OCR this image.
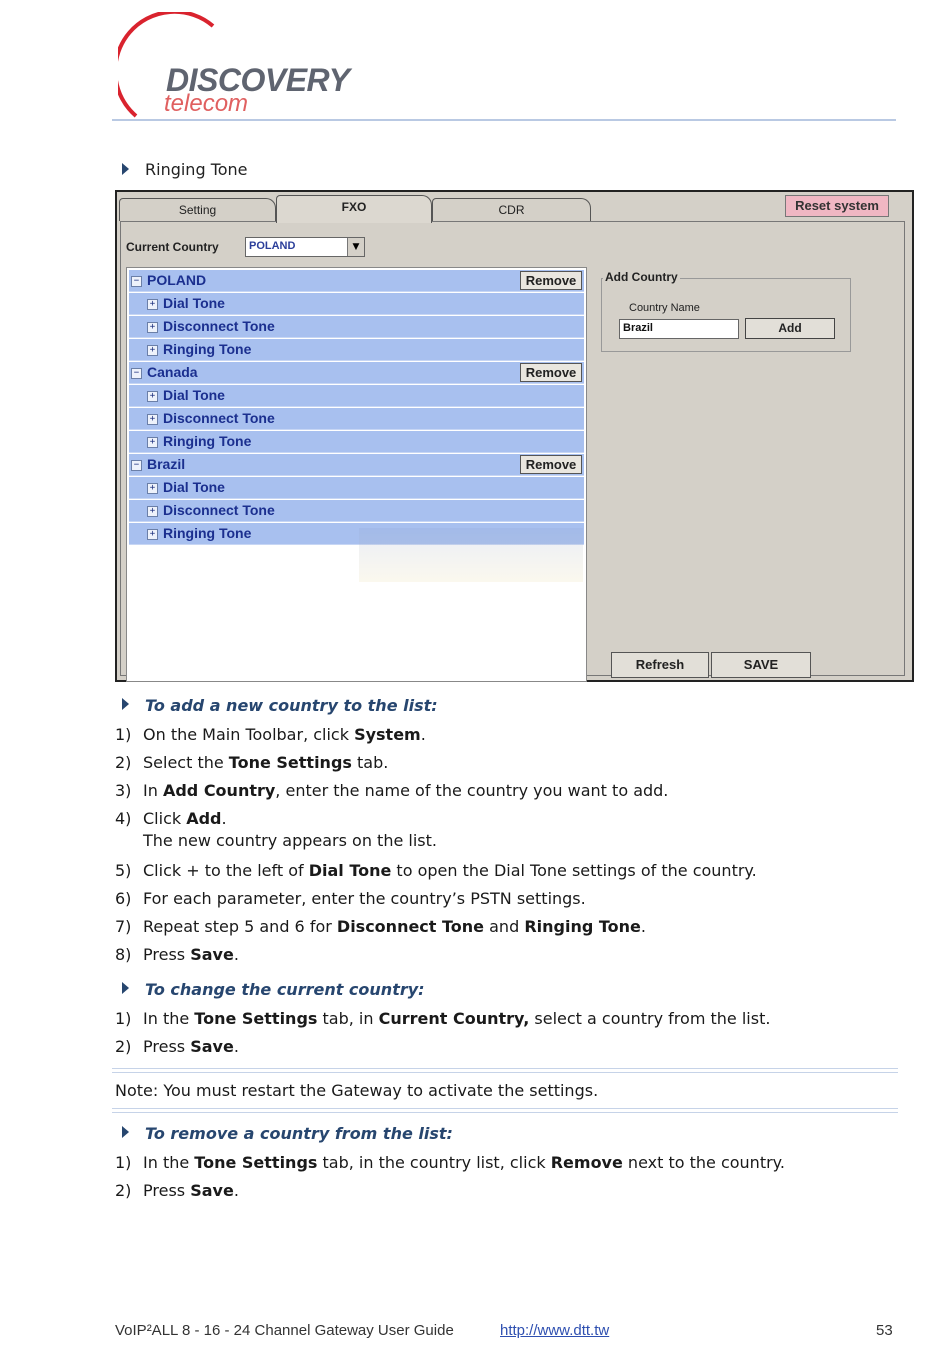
DISCOVERY
telecom
Ringing Tone
Setting	FXO	CDR	Reset system
Current Country	POLAND	▼
− POLAND	Remove
+ Dial Tone
+ Disconnect Tone
+ Ringing Tone
− Canada	Remove
+ Dial Tone
+ Disconnect Tone
+ Ringing Tone
− Brazil	Remove
+ Dial Tone
+ Disconnect Tone
+ Ringing Tone
Add Country
Country Name
Brazil	Add
Refresh	SAVE
To add a new country to the list:
1) On the Main Toolbar, click System.
2) Select the Tone Settings tab.
3) In Add Country, enter the name of the country you want to add.
4) Click Add.
The new country appears on the list.
5) Click + to the left of Dial Tone to open the Dial Tone settings of the country.
6) For each parameter, enter the country’s PSTN settings.
7) Repeat step 5 and 6 for Disconnect Tone and Ringing Tone.
8) Press Save.
To change the current country:
1) In the Tone Settings tab, in Current Country, select a country from the list.
2) Press Save.
Note: You must restart the Gateway to activate the settings.
To remove a country from the list:
1) In the Tone Settings tab, in the country list, click Remove next to the country.
2) Press Save.
VoIP²ALL 8 - 16 - 24 Channel Gateway User Guide	http://www.dtt.tw	53
